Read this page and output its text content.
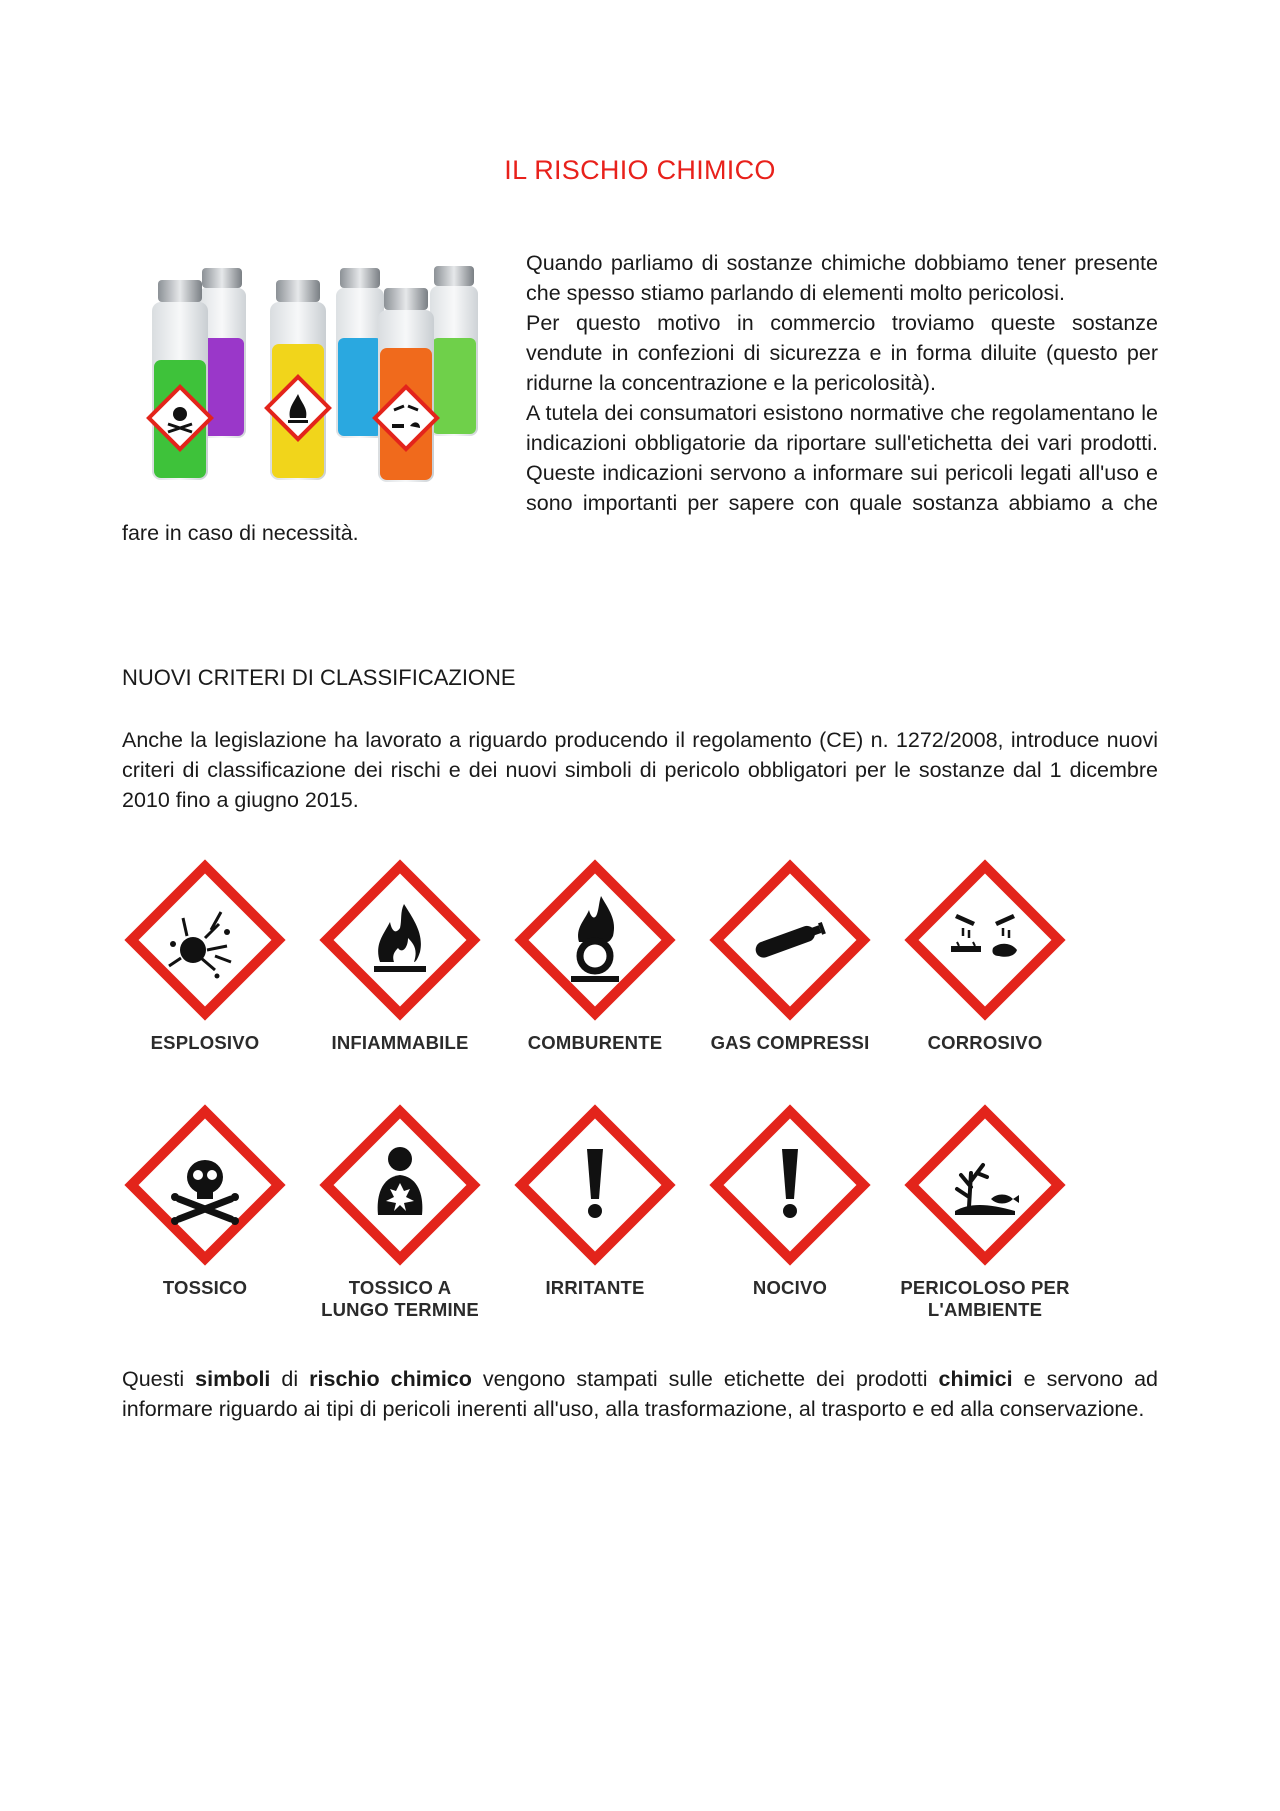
IL RISCHIO CHIMICO

Quando parliamo di sostanze chimiche dobbiamo tener presente che spesso stiamo parlando di elementi molto pericolosi.

Per questo motivo in commercio troviamo queste sostanze vendute in confezioni di sicurezza e in forma diluite (questo per ridurne la concentrazione e la pericolosità).

A tutela dei consumatori esistono normative che regolamentano le indicazioni obbligatorie da riportare sull'etichetta dei vari prodotti. Queste indicazioni servono a informare sui pericoli legati all'uso e sono importanti per sapere con quale sostanza abbiamo a che fare in caso di necessità.

NUOVI CRITERI DI CLASSIFICAZIONE

Anche la legislazione ha lavorato a riguardo producendo il regolamento (CE) n. 1272/2008, introduce nuovi criteri di classificazione dei rischi e dei nuovi simboli di pericolo obbligatori per le sostanze dal 1 dicembre 2010 fino a giugno 2015.

ESPLOSIVO	INFIAMMABILE	COMBURENTE	GAS COMPRESSI	CORROSIVO
TOSSICO	TOSSICO A LUNGO TERMINE
IRRITANTE	NOCIVO	PERICOLOSO PER L'AMBIENTE

Questi simboli di rischio chimico vengono stampati sulle etichette dei prodotti chimici e servono ad informare riguardo ai tipi di pericoli inerenti all'uso, alla trasformazione, al trasporto e ed alla conservazione.
